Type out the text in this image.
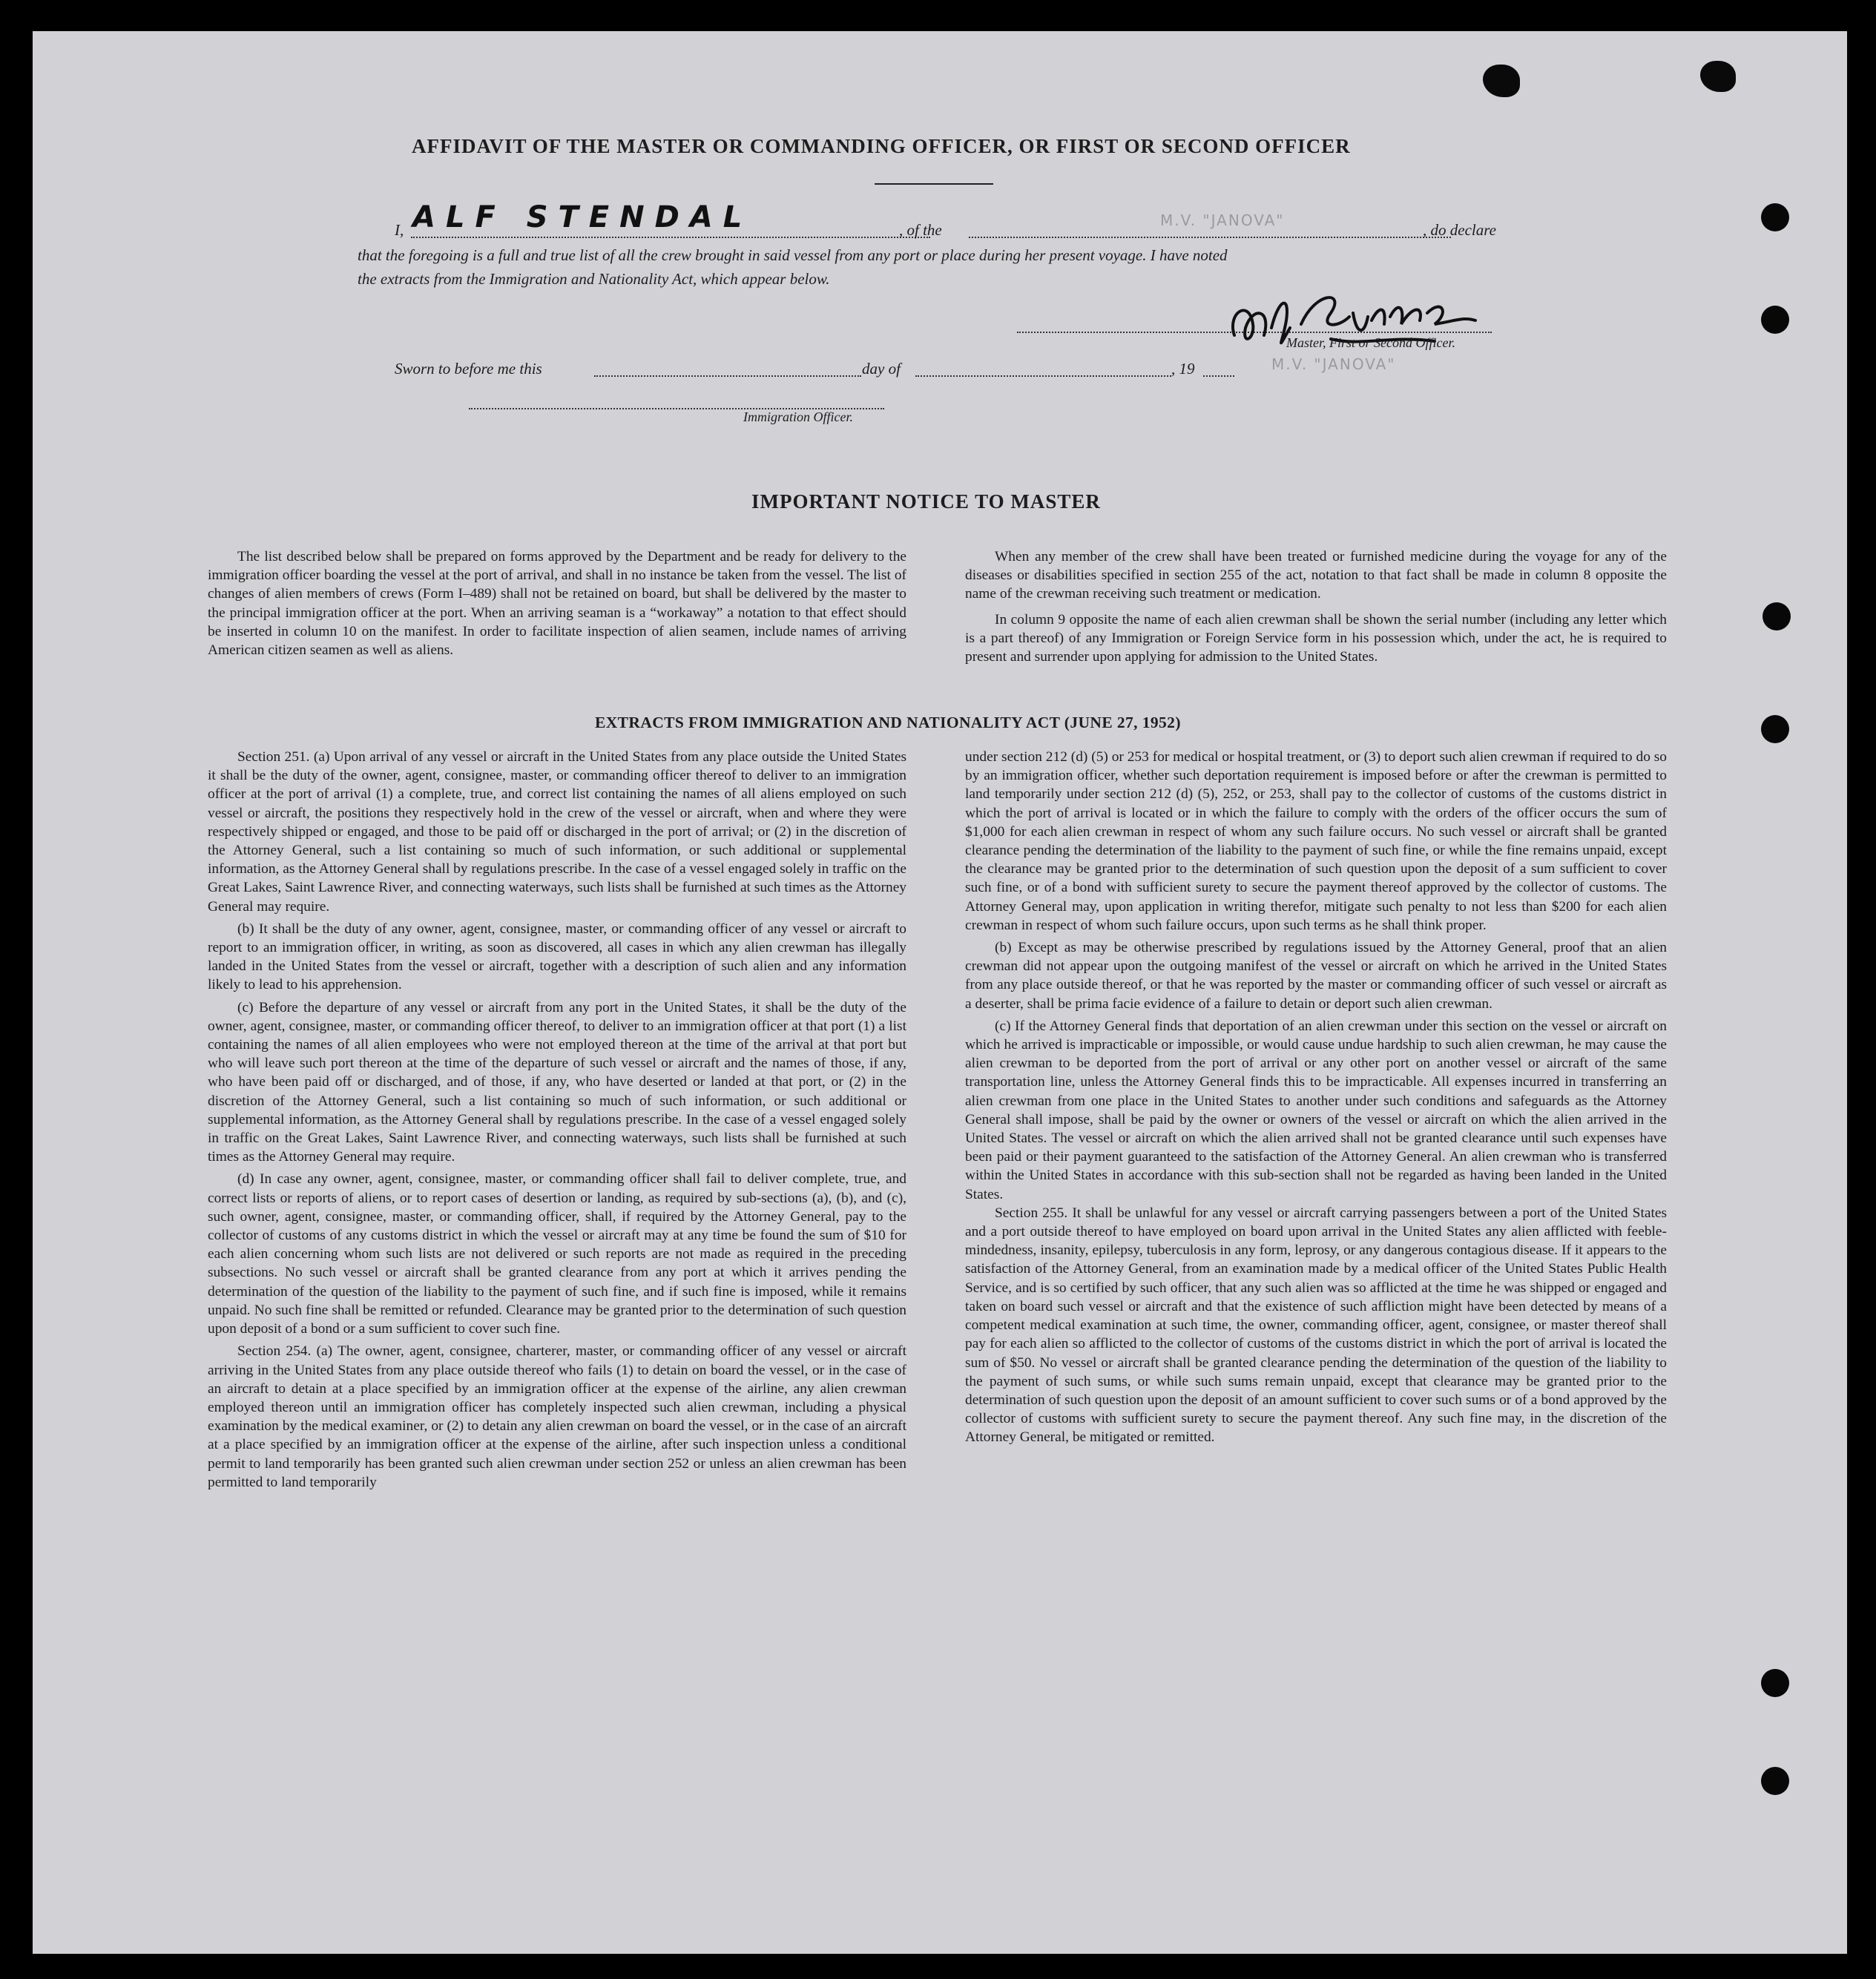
AFFIDAVIT OF THE MASTER OR COMMANDING OFFICER, OR FIRST OR SECOND OFFICER
I, ALF STENDAL	, of the
M.V. "JANOVA"
, do declare
that the foregoing is a full and true list of all the crew brought in said vessel from any port or place during her present voyage. I have noted
the extracts from the Immigration and Nationality Act, which appear below.
Master, First or Second Officer.
Sworn to before me this	day of	, 19	M.V. "JANOVA"
Immigration Officer.
IMPORTANT NOTICE TO MASTER

The list described below shall be prepared on forms approved by the Department and be ready for delivery to the immigration officer boarding the vessel at the port of arrival, and shall in no instance be taken from the vessel. The list of changes of alien members of crews (Form I–489) shall not be retained on board, but shall be delivered by the master to the principal immigration officer at the port. When an arriving seaman is a “workaway” a notation to that effect should be inserted in column 10 on the manifest. In order to facilitate inspection of alien seamen, include names of arriving American citizen seamen as well as aliens.

When any member of the crew shall have been treated or furnished medicine during the voyage for any of the diseases or disabilities specified in section 255 of the act, notation to that fact shall be made in column 8 opposite the name of the crewman receiving such treatment or medication.

In column 9 opposite the name of each alien crewman shall be shown the serial number (including any letter which is a part thereof) of any Immigration or Foreign Service form in his possession which, under the act, he is required to present and surrender upon applying for admission to the United States.

EXTRACTS FROM IMMIGRATION AND NATIONALITY ACT (JUNE 27, 1952)

Section 251. (a) Upon arrival of any vessel or aircraft in the United States from any place outside the United States it shall be the duty of the owner, agent, consignee, master, or commanding officer thereof to deliver to an immigration officer at the port of arrival (1) a complete, true, and correct list containing the names of all aliens employed on such vessel or aircraft, the positions they respectively hold in the crew of the vessel or aircraft, when and where they were respectively shipped or engaged, and those to be paid off or discharged in the port of arrival; or (2) in the discretion of the Attorney General, such a list containing so much of such information, or such additional or supplemental information, as the Attorney General shall by regulations prescribe. In the case of a vessel engaged solely in traffic on the Great Lakes, Saint Lawrence River, and connecting waterways, such lists shall be furnished at such times as the Attorney General may require.

(b) It shall be the duty of any owner, agent, consignee, master, or commanding officer of any vessel or aircraft to report to an immigration officer, in writing, as soon as discovered, all cases in which any alien crewman has illegally landed in the United States from the vessel or aircraft, together with a description of such alien and any information likely to lead to his apprehension.

(c) Before the departure of any vessel or aircraft from any port in the United States, it shall be the duty of the owner, agent, consignee, master, or commanding officer thereof, to deliver to an immigration officer at that port (1) a list containing the names of all alien employees who were not employed thereon at the time of the arrival at that port but who will leave such port thereon at the time of the departure of such vessel or aircraft and the names of those, if any, who have been paid off or discharged, and of those, if any, who have deserted or landed at that port, or (2) in the discretion of the Attorney General, such a list containing so much of such information, or such additional or supplemental information, as the Attorney General shall by regulations prescribe. In the case of a vessel engaged solely in traffic on the Great Lakes, Saint Lawrence River, and connecting waterways, such lists shall be furnished at such times as the Attorney General may require.

(d) In case any owner, agent, consignee, master, or commanding officer shall fail to deliver complete, true, and correct lists or reports of aliens, or to report cases of desertion or landing, as required by sub-sections (a), (b), and (c), such owner, agent, consignee, master, or commanding officer, shall, if required by the Attorney General, pay to the collector of customs of any customs district in which the vessel or aircraft may at any time be found the sum of $10 for each alien concerning whom such lists are not delivered or such reports are not made as required in the preceding subsections. No such vessel or aircraft shall be granted clearance from any port at which it arrives pending the determination of the question of the liability to the payment of such fine, and if such fine is imposed, while it remains unpaid. No such fine shall be remitted or refunded. Clearance may be granted prior to the determination of such question upon deposit of a bond or a sum sufficient to cover such fine.

Section 254. (a) The owner, agent, consignee, charterer, master, or commanding officer of any vessel or aircraft arriving in the United States from any place outside thereof who fails (1) to detain on board the vessel, or in the case of an aircraft to detain at a place specified by an immigration officer at the expense of the airline, any alien crewman employed thereon until an immigration officer has completely inspected such alien crewman, including a physical examination by the medical examiner, or (2) to detain any alien crewman on board the vessel, or in the case of an aircraft at a place specified by an immigration officer at the expense of the airline, after such inspection unless a conditional permit to land temporarily has been granted such alien crewman under section 252 or unless an alien crewman has been permitted to land temporarily

under section 212 (d) (5) or 253 for medical or hospital treatment, or (3) to deport such alien crewman if required to do so by an immigration officer, whether such deportation requirement is imposed before or after the crewman is permitted to land temporarily under section 212 (d) (5), 252, or 253, shall pay to the collector of customs of the customs district in which the port of arrival is located or in which the failure to comply with the orders of the officer occurs the sum of $1,000 for each alien crewman in respect of whom any such failure occurs. No such vessel or aircraft shall be granted clearance pending the determination of the liability to the payment of such fine, or while the fine remains unpaid, except the clearance may be granted prior to the determination of such question upon the deposit of a sum sufficient to cover such fine, or of a bond with sufficient surety to secure the payment thereof approved by the collector of customs. The Attorney General may, upon application in writing therefor, mitigate such penalty to not less than $200 for each alien crewman in respect of whom such failure occurs, upon such terms as he shall think proper.

(b) Except as may be otherwise prescribed by regulations issued by the Attorney General, proof that an alien crewman did not appear upon the outgoing manifest of the vessel or aircraft on which he arrived in the United States from any place outside thereof, or that he was reported by the master or commanding officer of such vessel or aircraft as a deserter, shall be prima facie evidence of a failure to detain or deport such alien crewman.

(c) If the Attorney General finds that deportation of an alien crewman under this section on the vessel or aircraft on which he arrived is impracticable or impossible, or would cause undue hardship to such alien crewman, he may cause the alien crewman to be deported from the port of arrival or any other port on another vessel or aircraft of the same transportation line, unless the Attorney General finds this to be impracticable. All expenses incurred in transferring an alien crewman from one place in the United States to another under such conditions and safeguards as the Attorney General shall impose, shall be paid by the owner or owners of the vessel or aircraft on which the alien arrived in the United States. The vessel or aircraft on which the alien arrived shall not be granted clearance until such expenses have been paid or their payment guaranteed to the satisfaction of the Attorney General. An alien crewman who is transferred within the United States in accordance with this sub-section shall not be regarded as having been landed in the United States.

Section 255. It shall be unlawful for any vessel or aircraft carrying passengers between a port of the United States and a port outside thereof to have employed on board upon arrival in the United States any alien afflicted with feeble-mindedness, insanity, epilepsy, tuberculosis in any form, leprosy, or any dangerous contagious disease. If it appears to the satisfaction of the Attorney General, from an examination made by a medical officer of the United States Public Health Service, and is so certified by such officer, that any such alien was so afflicted at the time he was shipped or engaged and taken on board such vessel or aircraft and that the existence of such affliction might have been detected by means of a competent medical examination at such time, the owner, commanding officer, agent, consignee, or master thereof shall pay for each alien so afflicted to the collector of customs of the customs district in which the port of arrival is located the sum of $50. No vessel or aircraft shall be granted clearance pending the determination of the question of the liability to the payment of such sums, or while such sums remain unpaid, except that clearance may be granted prior to the determination of such question upon the deposit of an amount sufficient to cover such sums or of a bond approved by the collector of customs with sufficient surety to secure the payment thereof. Any such fine may, in the discretion of the Attorney General, be mitigated or remitted.
